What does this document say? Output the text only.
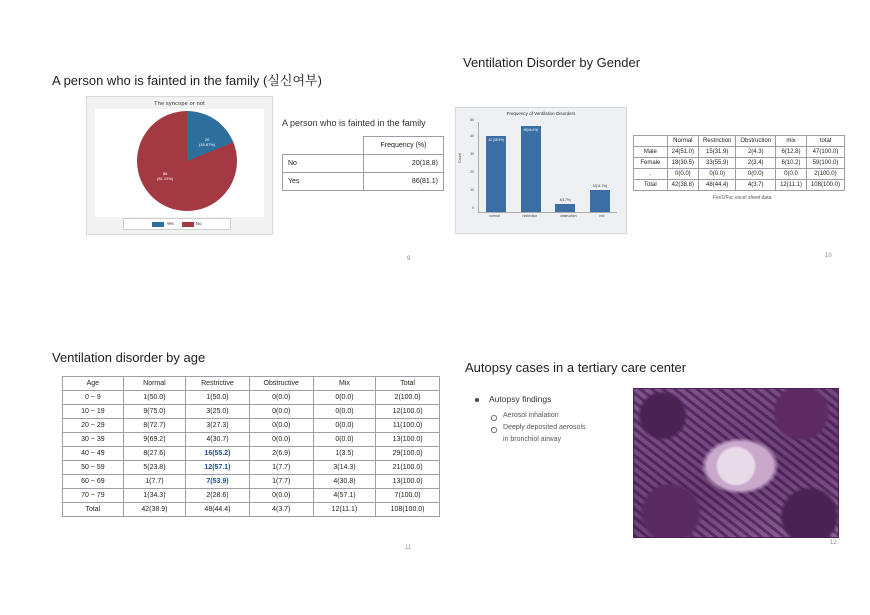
A person who is fainted in the family (실신여부)
The syncope or not
20
(18.87%)
86
(81.13%)
Yes	No
A person who is fainted in the family
	Frequency (%)
No	20(18.8)
Yes	86(81.1)
9
Ventilation Disorder by Gender
Frequency of Ventilation Disorders
Count
0
10
20
30
40
50
42 (38.9%)
48(44.4%)
4(3.7%)
12(11.1%)
normal	restriction	obstruction	mix
	Normal	Restriction	Obstruction	mix	total
Male	24(51.0)	15(31.9)	2(4.3)	6(12.8)	47(100.0)
Female	18(30.5)	33(55.9)	2(3.4)	6(10.2)	59(100.0)
.	0(0.0)	0(0.0)	0(0.0)	0(0.0	2(100.0)
Total	42(38.8)	48(44.4)	4(3.7)	12(11.1)	108(100.0)
Fev1/Fvc excel sheet data
10
Ventilation disorder by age
Age	Normal	Restrictive	Obstructive	Mix	Total
0 ~ 9	1(50.0)	1(50.0)	0(0.0)	0(0.0)	2(100.0)
10 ~ 19	9(75.0)	3(25.0)	0(0.0)	0(0.0)	12(100.0)
20 ~ 29	8(72.7)	3(27.3)	0(0.0)	0(0.0)	11(100.0)
30 ~ 39	9(69.2)	4(30.7)	0(0.0)	0(0.0)	13(100.0)
40 ~ 49	8(27.6)	16(55.2)	2(6.9)	1(3.5)	29(100.0)
50 ~ 59	5(23.8)	12(57.1)	1(7.7)	3(14.3)	21(100.0)
60 ~ 69	1(7.7)	7(53.9)	1(7.7)	4(30.8)	13(100.0)
70 ~ 79	1(34.3)	2(28.6)	0(0.0)	4(57.1)	7(100.0)
Total	42(38.9)	48(44.4)	4(3.7)	12(11.1)	108(100.0)
11
Autopsy cases in a tertiary care center
Autopsy findings
Aerosol inhalation
Deeply deposited aerosols
in bronchiol airway
12
